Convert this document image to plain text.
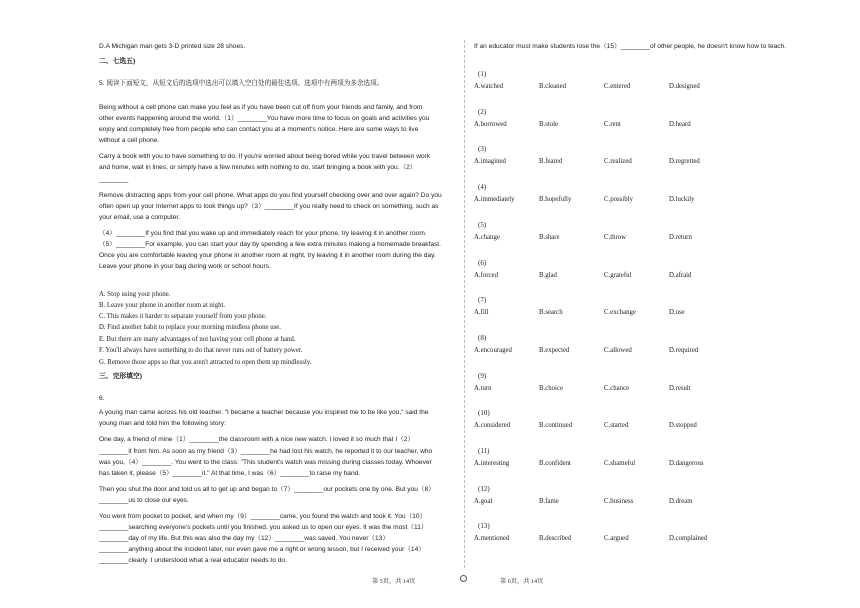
D.A Michigan man gets 3-D printed size 28 shoes.
二、七选五)
5. 阅读下面短文，从短文后的选项中选出可以填入空白处的最佳选项。选项中有两项为多余选项。
Being without a cell phone can make you feel as if you have been cut off from your friends and family, and from
other events happening around the world.（1）________You have more time to focus on goals and activities you
enjoy and completely free from people who can contact you at a moment's notice. Here are some ways to live
without a cell phone.
Carry a book with you to have something to do. If you're worried about being bored while you travel between work
and home, wait in lines, or simply have a few minutes with nothing to do, start bringing a book with you.（2）
________
Remove distracting apps from your cell phone. What apps do you find yourself checking over and over again? Do you
often open up your Internet apps to look things up?（3）________If you really need to check on something, such as
your email, use a computer.
（4）________If you find that you wake up and immediately reach for your phone, try leaving it in another room.
（5）________For example, you can start your day by spending a few extra minutes making a homemade breakfast.
Once you are comfortable leaving your phone in another room at night, try leaving it in another room during the day.
Leave your phone in your bag during work or school hours.
A. Stop using your phone.
B. Leave your phone in another room at night.
C. This makes it harder to separate yourself from your phone.
D. Find another habit to replace your morning mindless phone use.
E. But there are many advantages of not having your cell phone at hand.
F. You'll always have something to do that never runs out of battery power.
G. Remove those apps so that you aren't attracted to open them up mindlessly.
三、完形填空)
6.
A young man came across his old teacher. "I became a teacher because you inspired me to be like you," said the
young man and told him the following story:
One day, a friend of mine（1）________the classroom with a nice new watch. I loved it so much that I（2）
________it from him. As soon as my friend（3）________he had lost his watch, he reported it to our teacher, who
was you,（4）________. You went to the class: "This student's watch was missing during classes today. Whoever
has taken it, please（5）________it." At that time, I was（6）________to raise my hand.
Then you shut the door and told us all to get up and began to（7）________our pockets one by one. But you（8）
________us to close our eyes.
You went from pocket to pocket, and when my（9）________came, you found the watch and took it. You（10）
________searching everyone's pockets until you finished, you asked us to open our eyes. It was the most（11）
________day of my life. But this was also the day my（12）________was saved. You never（13）
________anything about the incident later, nor even gave me a right or wrong lesson, but I received your（14）
________clearly. I understood what a real educator needs to do.
If an educator must make students lose the（15）________of other people, he doesn't know how to teach.
(1)
A.watched	B.cleaned	C.entered	D.designed
(2)
A.borrowed	B.stole	C.rent	D.heard
(3)
A.imagined	B.feared	C.realized	D.regretted
(4)
A.immediately	B.hopefully	C.possibly	D.luckily
(5)
A.change	B.share	C.throw	D.return
(6)
A.forced	B.glad	C.grateful	D.afraid
(7)
A.fill	B.search	C.exchange	D.use
(8)
A.encouraged	B.expected	C.allowed	D.required
(9)
A.turn	B.choice	C.chance	D.result
(10)
A.considered	B.continued	C.started	D.stopped
(11)
A.interesting	B.confident	C.shameful	D.dangerous
(12)
A.goal	B.fame	C.business	D.dream
(13)
A.mentioned	B.described	C.argued	D.complained
第 5页，共 14页	第 6页，共 14页
